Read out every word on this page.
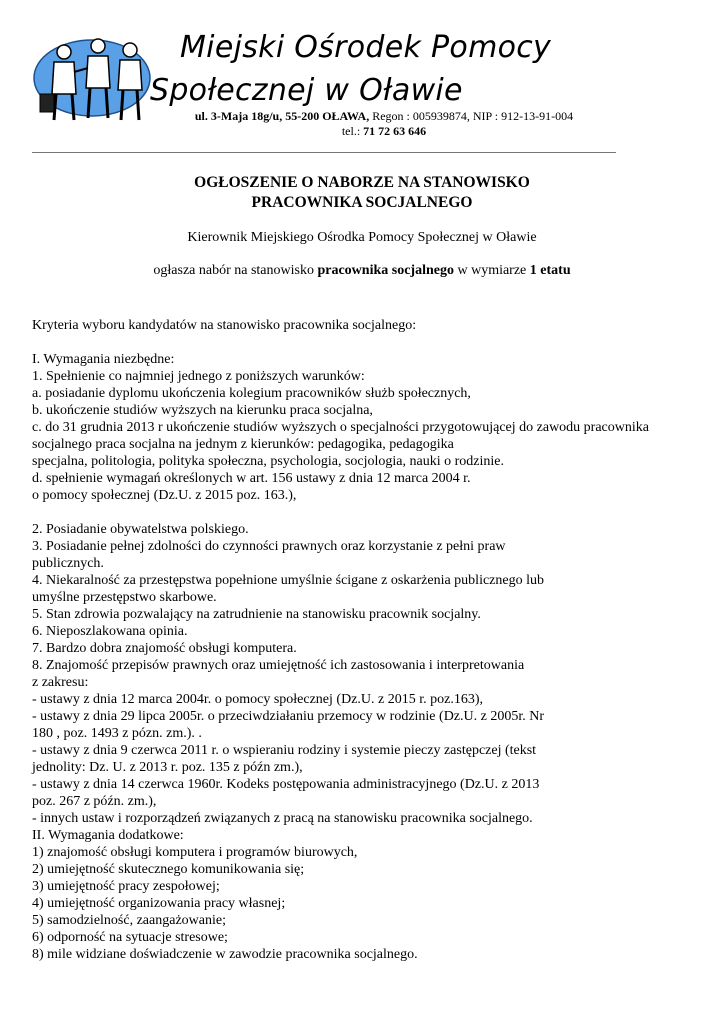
Miejski Ośrodek Pomocy
Społecznej w Oławie
ul. 3-Maja 18g/u, 55-200 OŁAWA, Regon : 005939874, NIP : 912-13-91-004
tel.: 71 72 63 646
OGŁOSZENIE O NABORZE NA STANOWISKO
PRACOWNIKA SOCJALNEGO
Kierownik Miejskiego Ośrodka Pomocy Społecznej w Oławie
ogłasza nabór na stanowisko pracownika socjalnego w wymiarze 1 etatu
Kryteria wyboru kandydatów na stanowisko pracownika socjalnego:
I. Wymagania niezbędne:
1. Spełnienie co najmniej jednego z poniższych warunków:
a. posiadanie dyplomu ukończenia kolegium pracowników służb społecznych,
b. ukończenie studiów wyższych na kierunku praca socjalna,
c. do 31 grudnia 2013 r ukończenie studiów wyższych o specjalności przygotowującej do zawodu pracownika
socjalnego praca socjalna na jednym z kierunków: pedagogika, pedagogika
specjalna, politologia, polityka społeczna, psychologia, socjologia, nauki o rodzinie.
d. spełnienie wymagań określonych w art. 156 ustawy z dnia 12 marca 2004 r.
o pomocy społecznej (Dz.U. z 2015 poz. 163.),
2. Posiadanie obywatelstwa polskiego.
3. Posiadanie pełnej zdolności do czynności prawnych oraz korzystanie z pełni praw
publicznych.
4. Niekaralność za przestępstwa popełnione umyślnie ścigane z oskarżenia publicznego lub
umyślne przestępstwo skarbowe.
5. Stan zdrowia pozwalający na zatrudnienie na stanowisku pracownik socjalny.
6. Nieposzlakowana opinia.
7. Bardzo dobra znajomość obsługi komputera.
8. Znajomość przepisów prawnych oraz umiejętność ich zastosowania i interpretowania
z zakresu:
- ustawy z dnia 12 marca 2004r. o pomocy społecznej (Dz.U. z 2015 r. poz.163),
- ustawy z dnia 29 lipca 2005r. o przeciwdziałaniu przemocy w rodzinie (Dz.U. z 2005r. Nr
180 , poz. 1493 z pózn. zm.). .
- ustawy z dnia 9 czerwca 2011 r. o wspieraniu rodziny i systemie pieczy zastępczej (tekst
jednolity: Dz. U. z 2013 r. poz. 135 z późn zm.),
- ustawy z dnia 14 czerwca 1960r. Kodeks postępowania administracyjnego (Dz.U. z 2013
poz. 267 z późn. zm.),
- innych ustaw i rozporządzeń związanych z pracą na stanowisku pracownika socjalnego.
II. Wymagania dodatkowe:
1) znajomość obsługi komputera i programów biurowych,
2) umiejętność skutecznego komunikowania się;
3) umiejętność pracy zespołowej;
4) umiejętność organizowania pracy własnej;
5) samodzielność, zaangażowanie;
6) odporność na sytuacje stresowe;
8) mile widziane doświadczenie w zawodzie pracownika socjalnego.
